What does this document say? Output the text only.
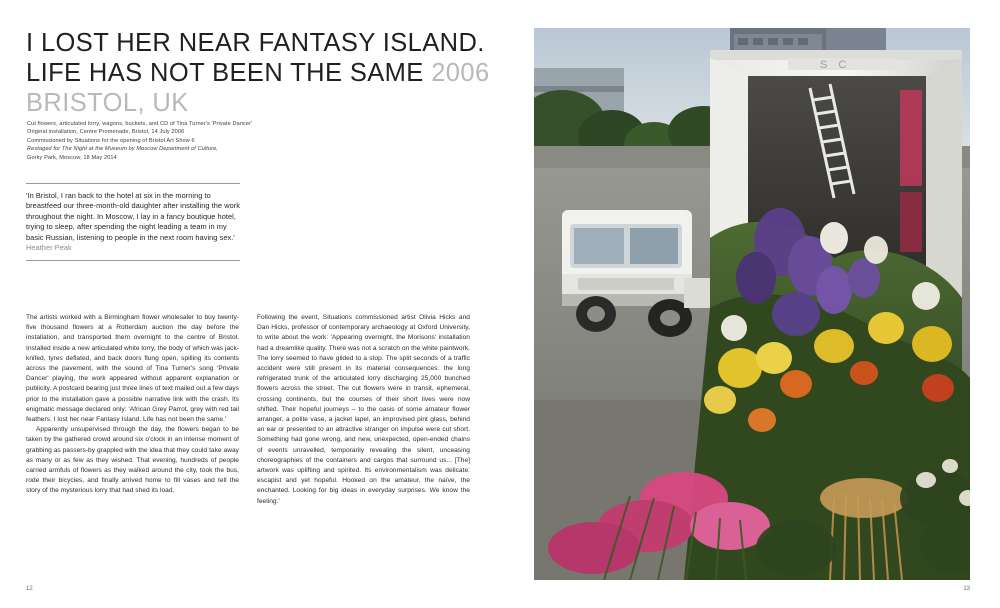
I LOST HER NEAR FANTASY ISLAND.
LIFE HAS NOT BEEN THE SAME 2006
BRISTOL, UK
Cut flowers, articulated lorry, wagons, buckets, and CD of Tina Turner's 'Private Dancer'
Original installation, Centre Promenade, Bristol, 14 July 2006
Commissioned by Situations for the opening of Bristol Art Show 6
Restaged for The Night at the Museum by Moscow Department of Culture,
Gorky Park, Moscow, 18 May 2014

'In Bristol, I ran back to the hotel at six in the morning to breastfeed our three-month-old daughter after installing the work throughout the night. In Moscow, I lay in a fancy boutique hotel, trying to sleep, after spending the night leading a team in my basic Russian, listening to people in the next room having sex.' Heather Peak

The artists worked with a Birmingham flower wholesaler to buy twenty-five thousand flowers at a Rotterdam auction the day before the installation, and transported them overnight to the centre of Bristol. Installed inside a new articulated white lorry, the body of which was jack-knifed, tyres deflated, and back doors flung open, spilling its contents across the pavement, with the sound of Tina Turner's song 'Private Dancer' playing, the work appeared without apparent explanation or publicity. A postcard bearing just three lines of text mailed out a few days prior to the installation gave a possible narrative link with the crash. Its enigmatic message declared only: 'African Grey Parrot, grey with red tail feathers. I lost her near Fantasy Island. Life has not been the same.'

Apparently unsupervised through the day, the flowers began to be taken by the gathered crowd around six o'clock in an intense moment of grabbing as passers-by grappled with the idea that they could take away as many or as few as they wished. That evening, hundreds of people carried armfuls of flowers as they walked around the city, took the bus, rode their bicycles, and finally arrived home to fill vases and tell the story of the mysterious lorry that had shed its load.

Following the event, Situations commissioned artist Olivia Hicks and Dan Hicks, professor of contemporary archaeology at Oxford University, to write about the work: 'Appearing overnight, the Morisons' installation had a dreamlike quality. There was not a scratch on the white paintwork. The lorry seemed to have glided to a stop. The split seconds of a traffic accident were still present in its material consequences: the long refrigerated trunk of the articulated lorry discharging 25,000 bunched flowers across the street. The cut flowers were in transit, ephemeral, crossing continents, but the courses of their short lives were now shifted. Their hopeful journeys – to the oasis of some amateur flower arranger, a polite vase, a jacket lapel, an improvised pint glass, behind an ear or presented to an attractive stranger on impulse were cut short. Something had gone wrong, and new, unexpected, open-ended chains of events unravelled, temporarily revealing the silent, unceasing choreographies of the containers and cargos that surround us... [The] artwork was uplifting and spirited. Its environmentalism was delicate: escapist and yet hopeful. Hooked on the amateur, the naïve, the enchanted. Looking for big ideas in everyday surprises. We know the feeling.'

12
S C
13
